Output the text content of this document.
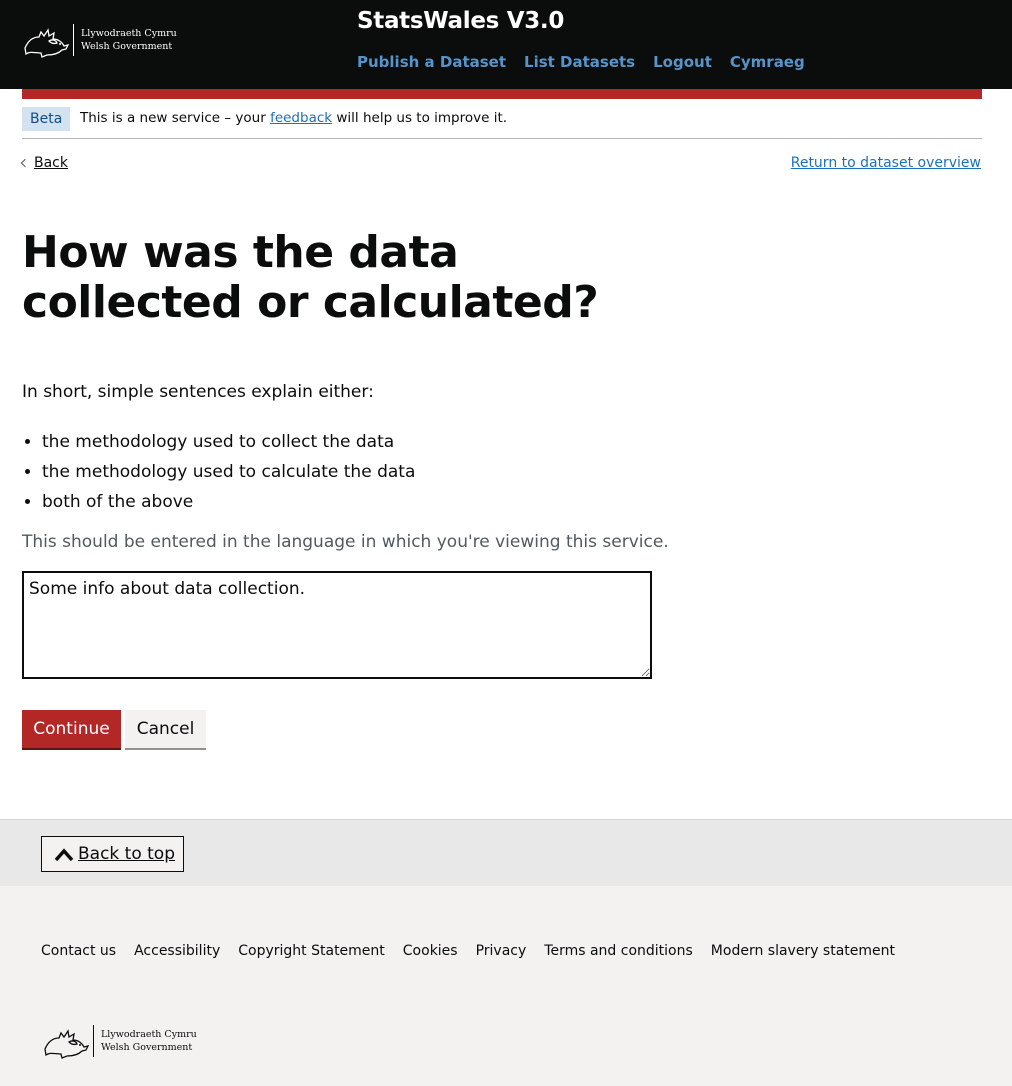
Llywodraeth Cymru
Welsh Government
StatsWales V3.0
Publish a Dataset List Datasets Logout Cymraeg
Beta	This is a new service – your feedback will help us to improve it.
Back	Return to dataset overview
How was the data collected or calculated?

In short, simple sentences explain either:

• the methodology used to collect the data
• the methodology used to calculate the data
• both of the above

This should be entered in the language in which you're viewing this service.

Some info about data collection.
Continue	Cancel
Back to top
Contact us Accessibility Copyright Statement Cookies Privacy Terms and conditions Modern slavery statement
Llywodraeth Cymru
Welsh Government
